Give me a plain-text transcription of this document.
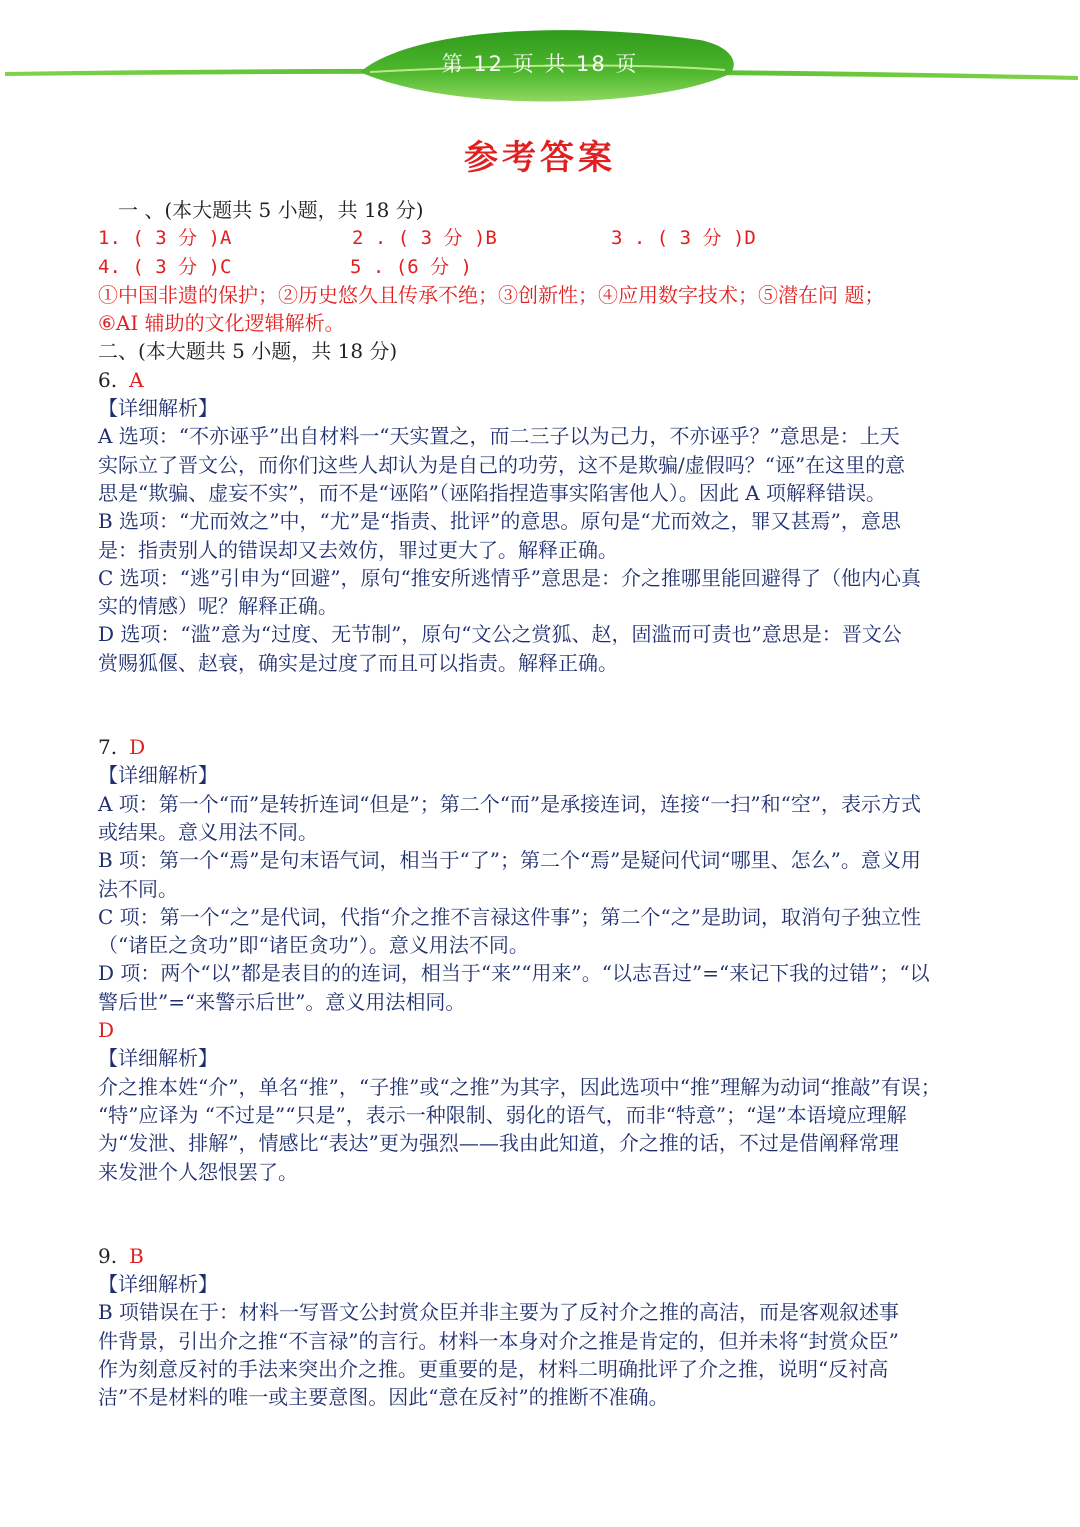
第 12 页 共 18 页
参考答案

一 、(本大题共 5 小题，共 18 分)

1. ( 3 分 )A	2 . ( 3 分 )B	3 . ( 3 分 )D
4. ( 3 分 )C	5 . (6 分 )

①中国非遗的保护；②历史悠久且传承不绝；③创新性；④应用数字技术；⑤潜在问 题；

⑥AI 辅助的文化逻辑解析。

二、(本大题共 5 小题，共 18 分)

6. A

【详细解析】

A 选项：“不亦诬乎”出自材料一“天实置之，而二三子以为己力，不亦诬乎？”意思是：上天

实际立了晋文公，而你们这些人却认为是自己的功劳，这不是欺骗/虚假吗？“诬”在这里的意

思是“欺骗、虚妄不实”，而不是“诬陷”（诬陷指捏造事实陷害他人）。因此 A 项解释错误。

B 选项：“尤而效之”中，“尤”是“指责、批评”的意思。原句是“尤而效之，罪又甚焉”，意思

是：指责别人的错误却又去效仿，罪过更大了。解释正确。

C 选项：“逃”引申为“回避”，原句“推安所逃情乎”意思是：介之推哪里能回避得了（他内心真

实的情感）呢？解释正确。

D 选项：“滥”意为“过度、无节制”，原句“文公之赏狐、赵，固滥而可责也”意思是：晋文公

赏赐狐偃、赵衰，确实是过度了而且可以指责。解释正确。

7. D

【详细解析】

A 项：第一个“而”是转折连词“但是”；第二个“而”是承接连词，连接“一扫”和“空”，表示方式

或结果。意义用法不同。

B 项：第一个“焉”是句末语气词，相当于“了”；第二个“焉”是疑问代词“哪里、怎么”。意义用

法不同。

C 项：第一个“之”是代词，代指“介之推不言禄这件事”；第二个“之”是助词，取消句子独立性

（“诸臣之贪功”即“诸臣贪功”）。意义用法不同。

D 项：两个“以”都是表目的的连词，相当于“来”“用来”。“以志吾过”=“来记下我的过错”；“以

警后世”=“来警示后世”。意义用法相同。

D

【详细解析】

介之推本姓“介”，单名“推”，“子推”或“之推”为其字，因此选项中“推”理解为动词“推敲”有误；

“特”应译为 “不过是”“只是”，表示一种限制、弱化的语气，而非“特意”；“逞”本语境应理解

为“发泄、排解”，情感比“表达”更为强烈——我由此知道，介之推的话，不过是借阐释常理

来发泄个人怨恨罢了。

9. B

【详细解析】

B 项错误在于：材料一写晋文公封赏众臣并非主要为了反衬介之推的高洁，而是客观叙述事

件背景，引出介之推“不言禄”的言行。材料一本身对介之推是肯定的，但并未将“封赏众臣”

作为刻意反衬的手法来突出介之推。更重要的是，材料二明确批评了介之推，说明“反衬高

洁”不是材料的唯一或主要意图。因此“意在反衬”的推断不准确。
